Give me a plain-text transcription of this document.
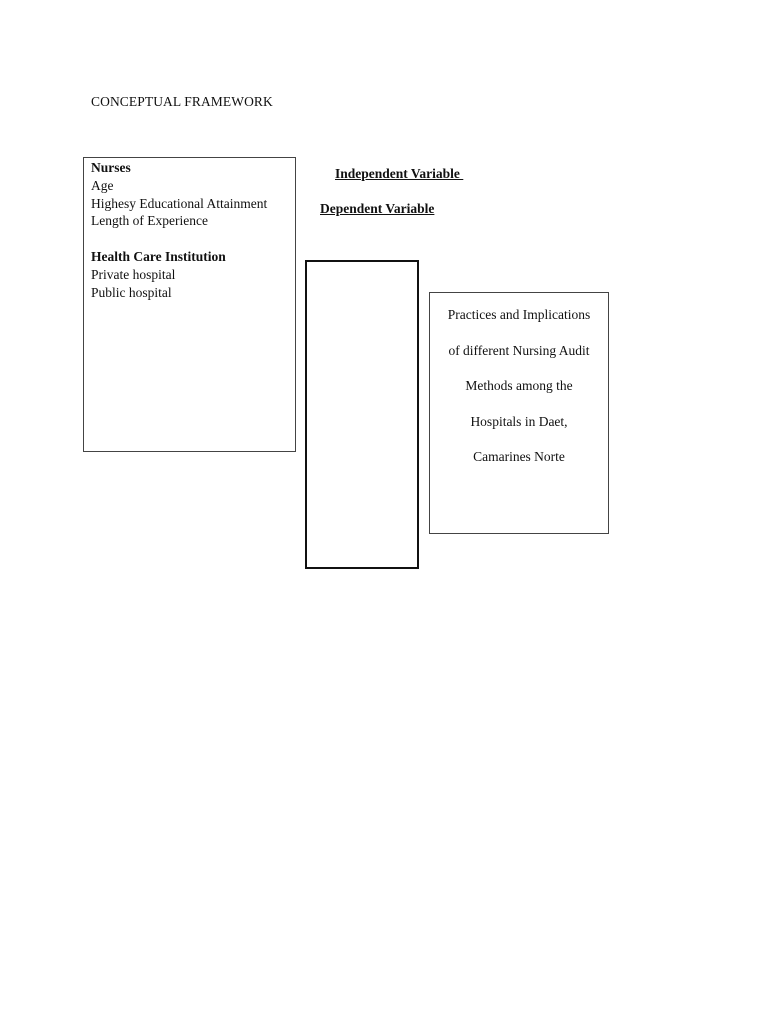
CONCEPTUAL FRAMEWORK
Independent Variable
Dependent Variable
Nurses
Age
Highesy Educational Attainment
Length of Experience
Health Care Institution
Private hospital
Public hospital
Practices and Implications
of different Nursing Audit
Methods among the
Hospitals in Daet,
Camarines Norte
